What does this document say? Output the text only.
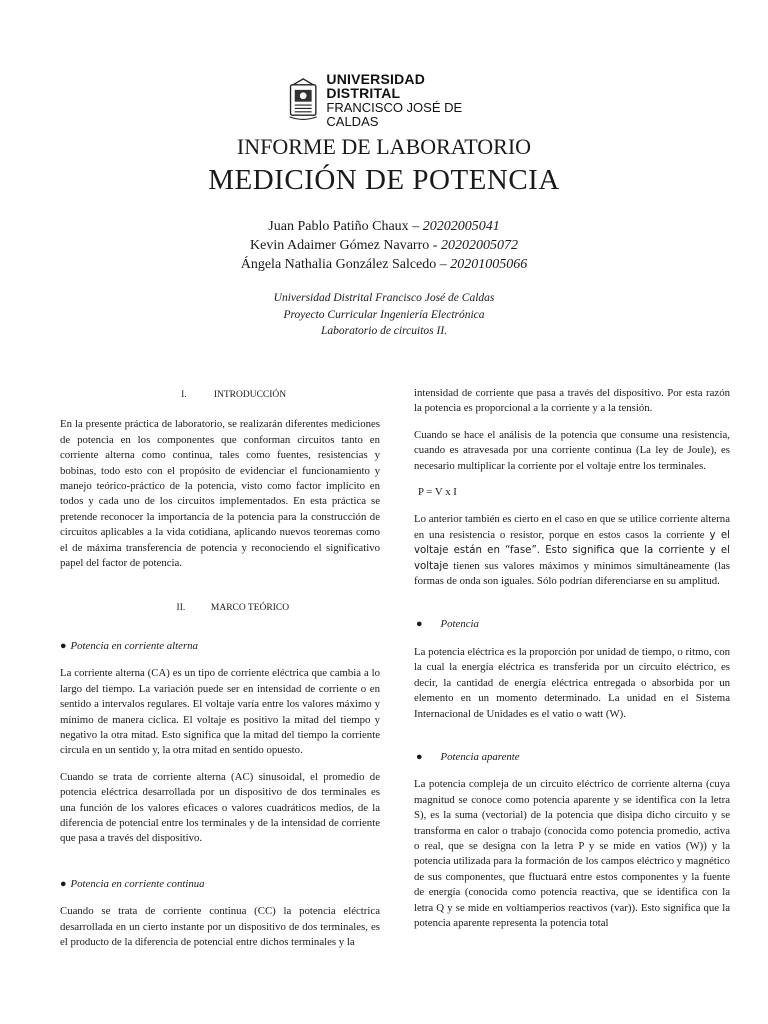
UNIVERSIDAD DISTRITAL
FRANCISCO JOSÉ DE CALDAS
INFORME DE LABORATORIO
MEDICIÓN DE POTENCIA
Juan Pablo Patiño Chaux – 20202005041
Kevin Adaimer Gómez Navarro - 20202005072
Ángela Nathalia González Salcedo – 20201005066
Universidad Distrital Francisco José de Caldas
Proyecto Curricular Ingeniería Electrónica
Laboratorio de circuitos II.
I.	INTRODUCCIÓN

En la presente práctica de laboratorio, se realizarán diferentes mediciones de potencia en los componentes que conforman circuitos tanto en corriente alterna como continua, tales como fuentes, resistencias y bobinas, todo esto con el propósito de evidenciar el funcionamiento y manejo teórico-práctico de la potencia, visto como factor implícito en todos y cada uno de los circuitos implementados. En esta práctica se pretende reconocer la importancia de la potencia para la construcción de circuitos aplicables a la vida cotidiana, aplicando nuevos teoremas como el de máxima transferencia de potencia y reconociendo el significativo papel del factor de potencia.

II.	MARCO TEÓRICO
● Potencia en corriente alterna

La corriente alterna (CA) es un tipo de corriente eléctrica que cambia a lo largo del tiempo. La variación puede ser en intensidad de corriente o en sentido a intervalos regulares. El voltaje varía entre los valores máximo y mínimo de manera cíclica. El voltaje es positivo la mitad del tiempo y negativo la otra mitad. Esto significa que la mitad del tiempo la corriente circula en un sentido y, la otra mitad en sentido opuesto.

Cuando se trata de corriente alterna (AC) sinusoidal, el promedio de potencia eléctrica desarrollada por un dispositivo de dos terminales es una función de los valores eficaces o valores cuadráticos medios, de la diferencia de potencial entre los terminales y de la intensidad de corriente que pasa a través del dispositivo.

● Potencia en corriente continua

Cuando se trata de corriente continua (CC) la potencia eléctrica desarrollada en un cierto instante por un dispositivo de dos terminales, es el producto de la diferencia de potencial entre dichos terminales y la

intensidad de corriente que pasa a través del dispositivo. Por esta razón la potencia es proporcional a la corriente y a la tensión.

Cuando se hace el análisis de la potencia que consume una resistencia, cuando es atravesada por una corriente continua (La ley de Joule), es necesario multiplicar la corriente por el voltaje entre los terminales.

P = V x I

Lo anterior también es cierto en el caso en que se utilice corriente alterna en una resistencia o resistor, porque en estos casos la corriente y el voltaje están en “fase”. Esto significa que la corriente y el voltaje tienen sus valores máximos y mínimos simultáneamente (las formas de onda son iguales. Sólo podrían diferenciarse en su amplitud.

● Potencia

La potencia eléctrica es la proporción por unidad de tiempo, o ritmo, con la cual la energía eléctrica es transferida por un circuito eléctrico, es decir, la cantidad de energía eléctrica entregada o absorbida por un elemento en un momento determinado. La unidad en el Sistema Internacional de Unidades es el vatio o watt (W).

● Potencia aparente

La potencia compleja de un circuito eléctrico de corriente alterna (cuya magnitud se conoce como potencia aparente y se identifica con la letra S), es la suma (vectorial) de la potencia que disipa dicho circuito y se transforma en calor o trabajo (conocida como potencia promedio, activa o real, que se designa con la letra P y se mide en vatios (W)) y la potencia utilizada para la formación de los campos eléctrico y magnético de sus componentes, que fluctuará entre estos componentes y la fuente de energía (conocida como potencia reactiva, que se identifica con la letra Q y se mide en voltiamperios reactivos (var)). Esto significa que la potencia aparente representa la potencia total
